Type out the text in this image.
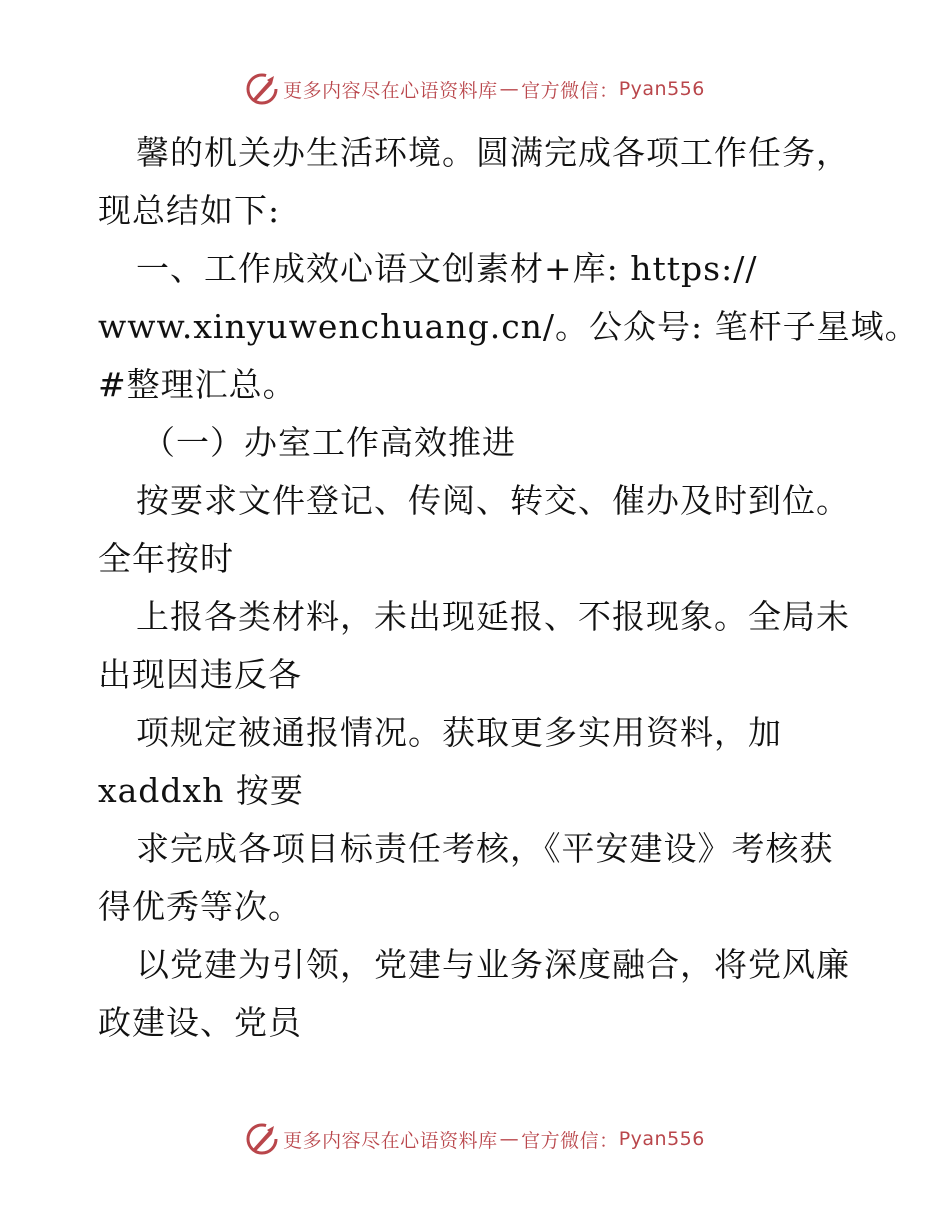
更多内容尽在心语资料库 — 官方微信： Pyan556
馨的机关办生活环境。圆满完成各项工作任务，
现总结如下:
一、工作成效心语文创素材+库: https://
www.xinyuwenchuang.cn/。公众号: 笔杆子星域。
#整理汇总。
（一）办室工作高效推进
按要求文件登记、传阅、转交、催办及时到位。
全年按时
上报各类材料，未出现延报、不报现象。全局未
出现因违反各
项规定被通报情况。获取更多实用资料，加
xaddxh 按要
求完成各项目标责任考核，《平安建设》考核获
得优秀等次。
以党建为引领，党建与业务深度融合，将党风廉
政建设、党员
更多内容尽在心语资料库 — 官方微信： Pyan556
